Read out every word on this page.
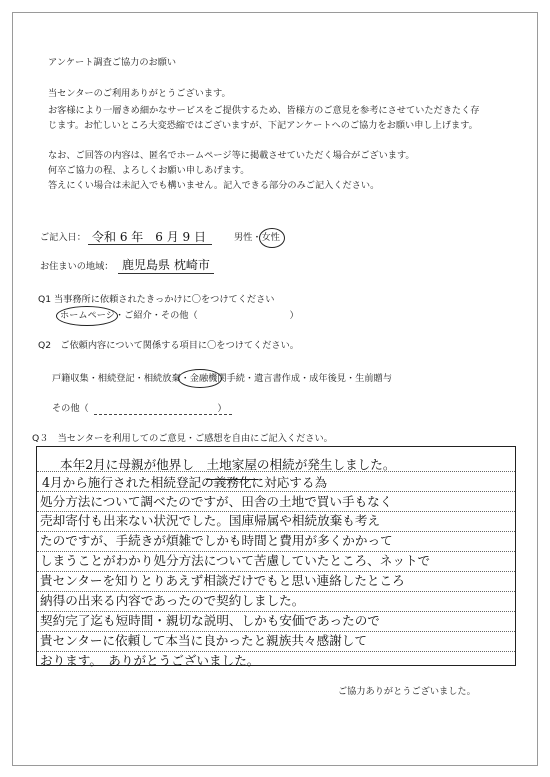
アンケート調査ご協力のお願い
当センターのご利用ありがとうございます。
お客様により一層きめ細かなサービスをご提供するため、皆様方のご意見を参考にさせていただきたく存じます。お忙しいところ大変恐縮ではございますが、下記アンケートへのご協力をお願い申し上げます。
なお、ご回答の内容は、匿名でホームページ等に掲載させていただく場合がございます。
何卒ご協力の程、よろしくお願い申しあげます。
答えにくい場合は未記入でも構いません。記入できる部分のみご記入ください。
ご記入日： 令和 6 年　6 月 9 日	男性・女性
お住まいの地域： 鹿児島県 枕崎市
Q1 当事務所に依頼されたきっかけに〇をつけてください
ホームページ・ご紹介・その他（　　　　　　　　　　）
Q2　ご依頼内容について関係する項目に〇をつけてください。
戸籍収集・相続登記・相続放棄・金融機関手続・遺言書作成・成年後見・生前贈与
その他（　　　　　　　　　　　　　　）
Q３　当センターを利用してのご意見・ご感想を自由にご記入ください。
本年2月に母親が他界し　土地家屋の相続が発生しました。
4月から施行された相続登記の義務化に対応する為
処分方法について調べたのですが、田舎の土地で買い手もなく
売却寄付も出来ない状況でした。国庫帰属や相続放棄も考え
たのですが、手続きが煩雑でしかも時間と費用が多くかかって
しまうことがわかり処分方法について苦慮していたところ、ネットで
貴センターを知りとりあえず相談だけでもと思い連絡したところ
納得の出来る内容であったので契約しました。
契約完了迄も短時間・親切な説明、しかも安価であったので
貴センターに依頼して本当に良かったと親族共々感謝して
おります。　ありがとうございました。
ご協力ありがとうございました。
